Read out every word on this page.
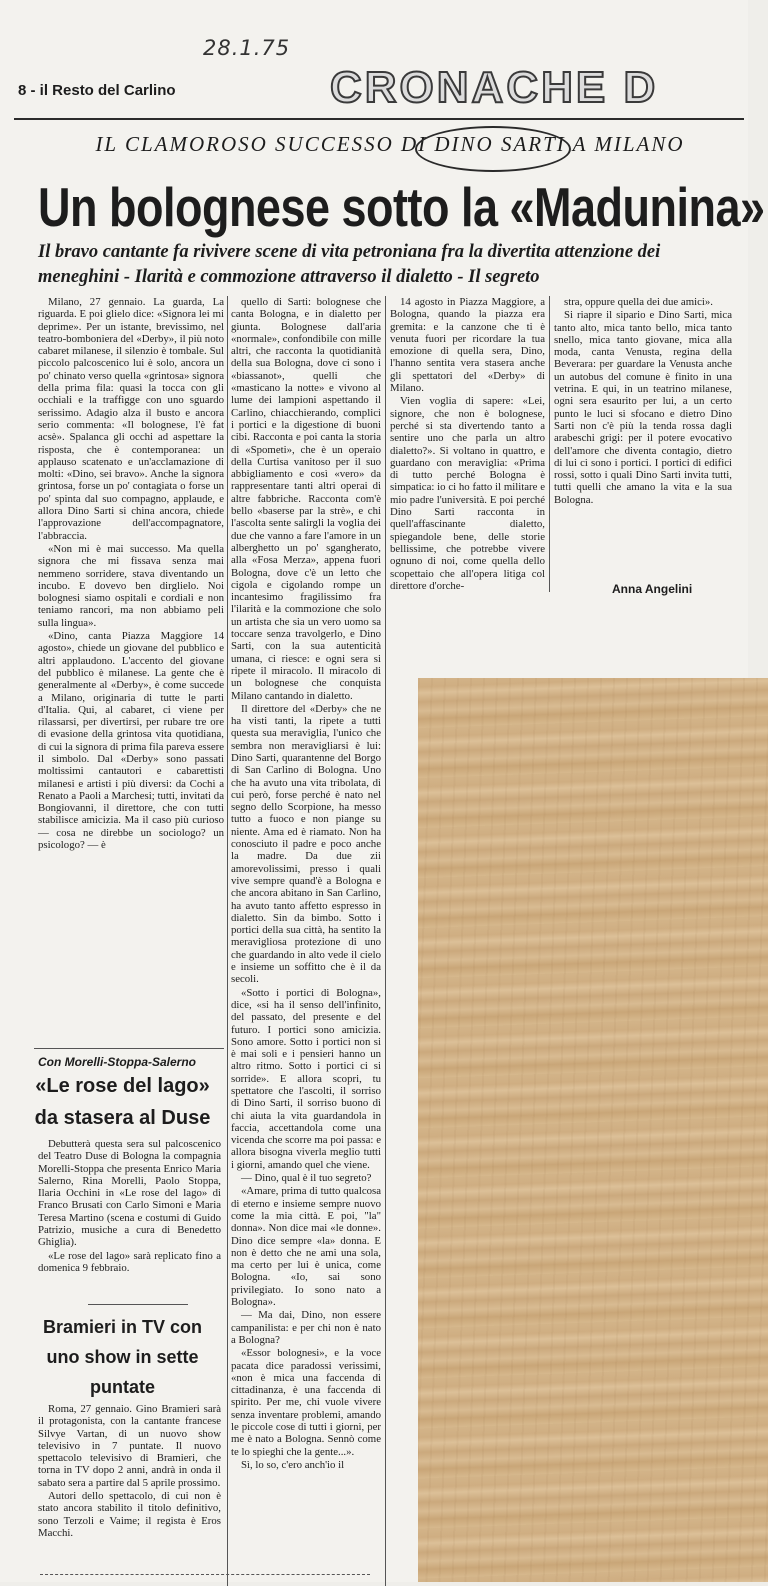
28.1.75
8 - il Resto del Carlino	CRONACHE D
IL CLAMOROSO SUCCESSO DI DINO SARTI A MILANO
Un bolognese sotto la «Madunina»
Il bravo cantante fa rivivere scene di vita petroniana fra la divertita attenzione dei meneghini - Ilarità e commozione attraverso il dialetto - Il segreto

Milano, 27 gennaio. La guarda, La riguarda. E poi glielo dice: «Signora lei mi deprime». Per un istante, brevissimo, nel teatro-bomboniera del «Derby», il più noto cabaret milanese, il silenzio è tombale. Sul piccolo palcoscenico lui è solo, ancora un po' chinato verso quella «grintosa» signora della prima fila: quasi la tocca con gli occhiali e la traffigge con uno sguardo serissimo. Adagio alza il busto e ancora serio commenta: «Il bolognese, l'è fat acsè». Spalanca gli occhi ad aspettare la risposta, che è contemporanea: un applauso scatenato e un'acclamazione di molti: «Dino, sei bravo». Anche la signora grintosa, forse un po' contagiata o forse un po' spinta dal suo compagno, applaude, e allora Dino Sarti si china ancora, chiede l'approvazione dell'accompagnatore, l'abbraccia.

«Non mi è mai successo. Ma quella signora che mi fissava senza mai nemmeno sorridere, stava diventando un incubo. E dovevo ben dirglielo. Noi bolognesi siamo ospitali e cordiali e non teniamo rancori, ma non abbiamo peli sulla lingua».

«Dino, canta Piazza Maggiore 14 agosto», chiede un giovane del pubblico e altri applaudono. L'accento del giovane del pubblico è milanese. La gente che è generalmente al «Derby», è come succede a Milano, originaria di tutte le parti d'Italia. Qui, al cabaret, ci viene per rilassarsi, per divertirsi, per rubare tre ore di evasione della grintosa vita quotidiana, di cui la signora di prima fila pareva essere il simbolo. Dal «Derby» sono passati moltissimi cantautori e cabarettisti milanesi e artisti i più diversi: da Cochi a Renato a Paoli a Marchesi; tutti, invitati da Bongiovanni, il direttore, che con tutti stabilisce amicizia. Ma il caso più curioso — cosa ne direbbe un sociologo? un psicologo? — è

quello di Sarti: bolognese che canta Bologna, e in dialetto per giunta. Bolognese dall'aria «normale», confondibile con mille altri, che racconta la quotidianità della sua Bologna, dove ci sono i «biassanot», quelli che «masticano la notte» e vivono al lume dei lampioni aspettando il Carlino, chiacchierando, complici i portici e la digestione di buoni cibi. Racconta e poi canta la storia di «Spometi», che è un operaio della Curtisa vanitoso per il suo abbigliamento e così «vero» da rappresentare tanti altri operai di altre fabbriche. Racconta com'è bello «baserse par la strè», e chi l'ascolta sente salirgli la voglia dei due che vanno a fare l'amore in un alberghetto un po' sgangherato, alla «Fosa Merza», appena fuori Bologna, dove c'è un letto che cigola e cigolando rompe un incantesimo fragilissimo fra l'ilarità e la commozione che solo un artista che sia un vero uomo sa toccare senza travolgerlo, e Dino Sarti, con la sua autenticità umana, ci riesce: e ogni sera si ripete il miracolo. Il miracolo di un bolognese che conquista Milano cantando in dialetto.

Il direttore del «Derby» che ne ha visti tanti, la ripete a tutti questa sua meraviglia, l'unico che sembra non meravigliarsi è lui: Dino Sarti, quarantenne del Borgo di San Carlino di Bologna. Uno che ha avuto una vita tribolata, di cui però, forse perché è nato nel segno dello Scorpione, ha messo tutto a fuoco e non piange su niente. Ama ed è riamato. Non ha conosciuto il padre e poco anche la madre. Da due zii amorevolissimi, presso i quali vive sempre quand'è a Bologna e che ancora abitano in San Carlino, ha avuto tanto affetto espresso in dialetto. Sin da bimbo. Sotto i portici della sua città, ha sentito la meravigliosa protezione di uno che guardando in alto vede il cielo e insieme un soffitto che è il da secoli.

«Sotto i portici di Bologna», dice, «si ha il senso dell'infinito, del passato, del presente e del futuro. I portici sono amicizia. Sono amore. Sotto i portici non si è mai soli e i pensieri hanno un altro ritmo. Sotto i portici ci si sorride». E allora scopri, tu spettatore che l'ascolti, il sorriso di Dino Sarti, il sorriso buono di chi aiuta la vita guardandola in faccia, accettandola come una vicenda che scorre ma poi passa: e allora bisogna viverla meglio tutti i giorni, amando quel che viene.

— Dino, qual è il tuo segreto?

«Amare, prima di tutto qualcosa di eterno e insieme sempre nuovo come la mia città. E poi, "la" donna». Non dice mai «le donne». Dino dice sempre «la» donna. E non è detto che ne ami una sola, ma certo per lui è unica, come Bologna. «Io, sai sono privilegiato. Io sono nato a Bologna».

— Ma dai, Dino, non essere campanilista: e per chi non è nato a Bologna?

«Essor bolognesi», e la voce pacata dice paradossi verissimi, «non è mica una faccenda di cittadinanza, è una faccenda di spirito. Per me, chi vuole vivere senza inventare problemi, amando le piccole cose di tutti i giorni, per me è nato a Bologna. Sennò come te lo spieghi che la gente...».

Sì, lo so, c'ero anch'io il

14 agosto in Piazza Maggiore, a Bologna, quando la piazza era gremita: e la canzone che ti è venuta fuori per ricordare la tua emozione di quella sera, Dino, l'hanno sentita vera stasera anche gli spettatori del «Derby» di Milano.

Vien voglia di sapere: «Lei, signore, che non è bolognese, perché si sta divertendo tanto a sentire uno che parla un altro dialetto?». Si voltano in quattro, e guardano con meraviglia: «Prima di tutto perché Bologna è simpatica: io ci ho fatto il militare e mio padre l'università. E poi perché Dino Sarti racconta in quell'affascinante dialetto, spiegandole bene, delle storie bellissime, che potrebbe vivere ognuno di noi, come quella dello scopettaio che all'opera litiga col direttore d'orche-

stra, oppure quella dei due amici».

Si riapre il sipario e Dino Sarti, mica tanto alto, mica tanto bello, mica tanto snello, mica tanto giovane, mica alla moda, canta Venusta, regina della Beverara: per guardare la Venusta anche un autobus del comune è finito in una vetrina. E qui, in un teatrino milanese, ogni sera esaurito per lui, a un certo punto le luci si sfocano e dietro Dino Sarti non c'è più la tenda rossa dagli arabeschi grigi: per il potere evocativo dell'amore che diventa contagio, dietro di lui ci sono i portici. I portici di edifici rossi, sotto i quali Dino Sarti invita tutti, tutti quelli che amano la vita e la sua Bologna.

Anna Angelini
Con Morelli-Stoppa-Salerno
«Le rose del lago» da stasera al Duse

Debutterà questa sera sul palcoscenico del Teatro Duse di Bologna la compagnia Morelli-Stoppa che presenta Enrico Maria Salerno, Rina Morelli, Paolo Stoppa, Ilaria Occhini in «Le rose del lago» di Franco Brusati con Carlo Simoni e Maria Teresa Martino (scena e costumi di Guido Patrizio, musiche a cura di Benedetto Ghiglia).

«Le rose del lago» sarà replicato fino a domenica 9 febbraio.

Bramieri in TV con uno show in sette puntate

Roma, 27 gennaio. Gino Bramieri sarà il protagonista, con la cantante francese Silvye Vartan, di un nuovo show televisivo in 7 puntate. Il nuovo spettacolo televisivo di Bramieri, che torna in TV dopo 2 anni, andrà in onda il sabato sera a partire dal 5 aprile prossimo.

Autori dello spettacolo, di cui non è stato ancora stabilito il titolo definitivo, sono Terzoli e Vaime; il regista è Eros Macchi.
